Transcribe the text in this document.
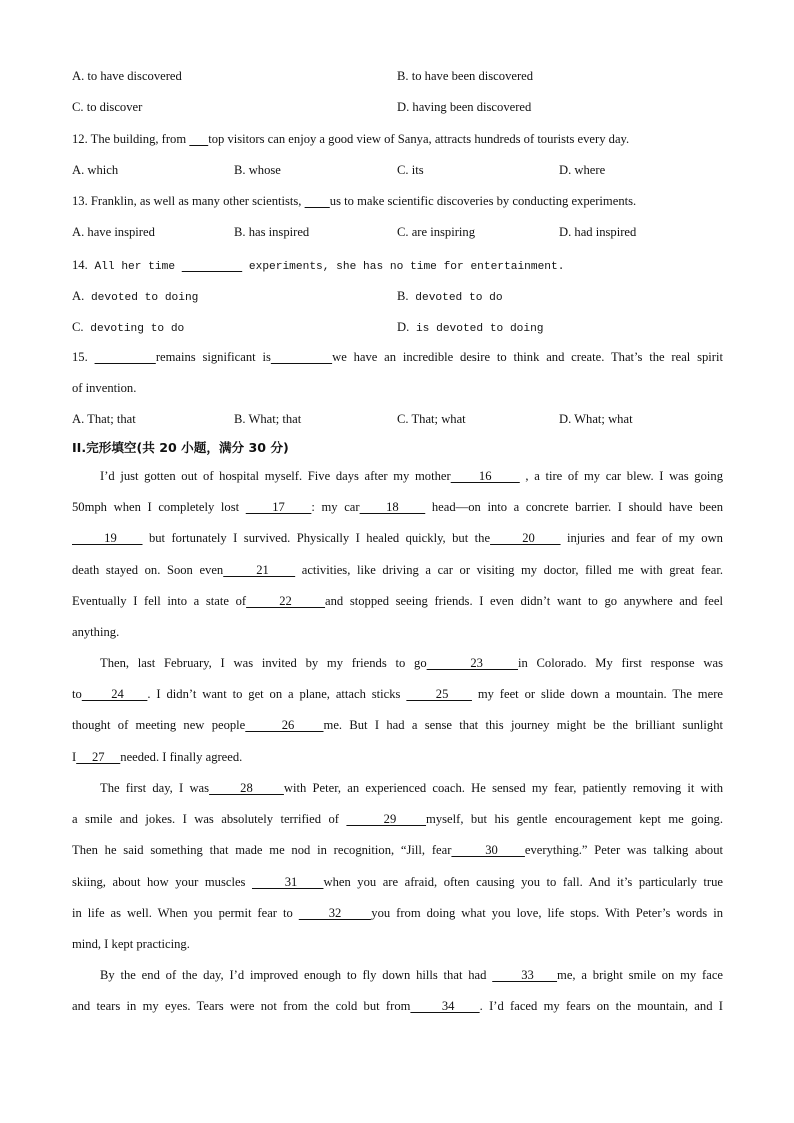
A. to have discovered	B. to have been discovered
C. to discover	D. having been discovered
12. The building, from       top visitors can enjoy a good view of Sanya, attracts hundreds of tourists every day.
A. which	B. whose	C. its	D. where
13. Franklin, as well as many other scientists,         us to make scientific discoveries by conducting experiments.
A. have inspired	B. has inspired	C. are inspiring	D. had inspired
14. All her time	experiments, she has no time for entertainment.
A. devoted to doing	B. devoted to do
C. devoting to do	D. is devoted to doing
15.	remains significant is	we have an incredible desire to think and create. That’s the real spirit
of invention.
A. That; that	B. What; that	C. That; what	D. What; what
II.完形填空(共 20 小题，满分 30 分)
I’d just gotten out of hospital myself. Five days after my mother     16      , a tire of my car blew. I was going
50mph when I completely lost     17    : my car    18     head—on into a concrete barrier. I should have been
19     but fortunately I survived. Physically I healed quickly, but the     20     injuries and fear of my own
death stayed on. Soon even     21     activities, like driving a car or visiting my doctor, filled me with great fear.
Eventually I fell into a state of     22     and stopped seeing friends. I even didn’t want to go anywhere and feel
anything.
Then, last February, I was invited by my friends to go     23    in Colorado. My first response was
to     24    . I didn’t want to get on a plane, attach sticks      25     my feet or slide down a mountain. The mere
thought of meeting new people     26    me. But I had a sense that this journey might be the brilliant sunlight
I     27     needed. I finally agreed.
The first day, I was     28     with Peter, an experienced coach. He sensed my fear, patiently removing it with
a smile and jokes. I was absolutely terrified of      29    myself, but his gentle encouragement kept me going.
Then he said something that made me nod in recognition, “Jill, fear     30    everything.” Peter was talking about
skiing, about how your muscles      31    when you are afraid, often causing you to fall. And it’s particularly true
in life as well. When you permit fear to      32     you from doing what you love, life stops. With Peter’s words in
mind, I kept practicing.
By the end of the day, I’d improved enough to fly down hills that had      33    me, a bright smile on my face
and tears in my eyes. Tears were not from the cold but from     34    . I’d faced my fears on the mountain, and I
